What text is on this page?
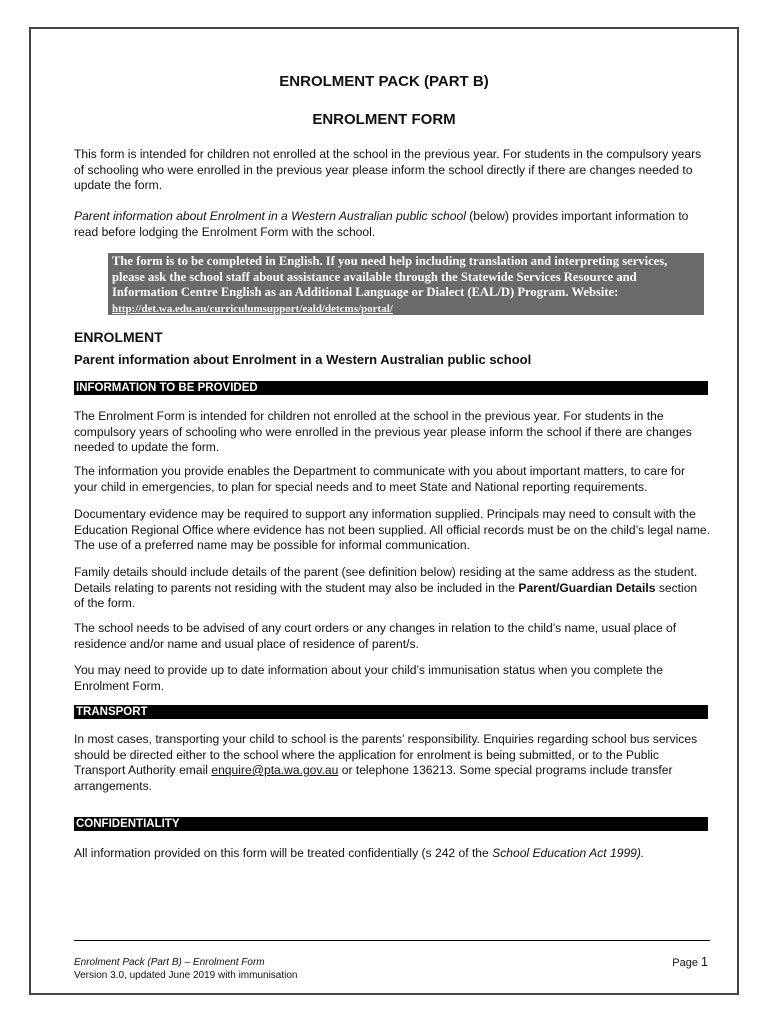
ENROLMENT PACK (PART B)
ENROLMENT FORM

This form is intended for children not enrolled at the school in the previous year. For students in the compulsory years of schooling who were enrolled in the previous year please inform the school directly if there are changes needed to update the form.

Parent information about Enrolment in a Western Australian public school (below) provides important information to read before lodging the Enrolment Form with the school.

The form is to be completed in English. If you need help including translation and interpreting services, please ask the school staff about assistance available through the Statewide Services Resource and Information Centre English as an Additional Language or Dialect (EAL/D) Program. Website: http://det.wa.edu.au/curriculumsupport/eald/detcms/portal/

ENROLMENT

Parent information about Enrolment in a Western Australian public school

INFORMATION TO BE PROVIDED

The Enrolment Form is intended for children not enrolled at the school in the previous year. For students in the compulsory years of schooling who were enrolled in the previous year please inform the school if there are changes needed to update the form.

The information you provide enables the Department to communicate with you about important matters, to care for your child in emergencies, to plan for special needs and to meet State and National reporting requirements.

Documentary evidence may be required to support any information supplied. Principals may need to consult with the Education Regional Office where evidence has not been supplied. All official records must be on the child’s legal name. The use of a preferred name may be possible for informal communication.

Family details should include details of the parent (see definition below) residing at the same address as the student. Details relating to parents not residing with the student may also be included in the Parent/Guardian Details section of the form.

The school needs to be advised of any court orders or any changes in relation to the child’s name, usual place of residence and/or name and usual place of residence of parent/s.

You may need to provide up to date information about your child’s immunisation status when you complete the Enrolment Form.

TRANSPORT

In most cases, transporting your child to school is the parents’ responsibility. Enquiries regarding school bus services should be directed either to the school where the application for enrolment is being submitted, or to the Public Transport Authority email enquire@pta.wa.gov.au or telephone 136213. Some special programs include transfer arrangements.

CONFIDENTIALITY

All information provided on this form will be treated confidentially (s 242 of the School Education Act 1999).

Enrolment Pack (Part B) – Enrolment Form
Version 3.0, updated June 2019 with immunisation
Page 1
